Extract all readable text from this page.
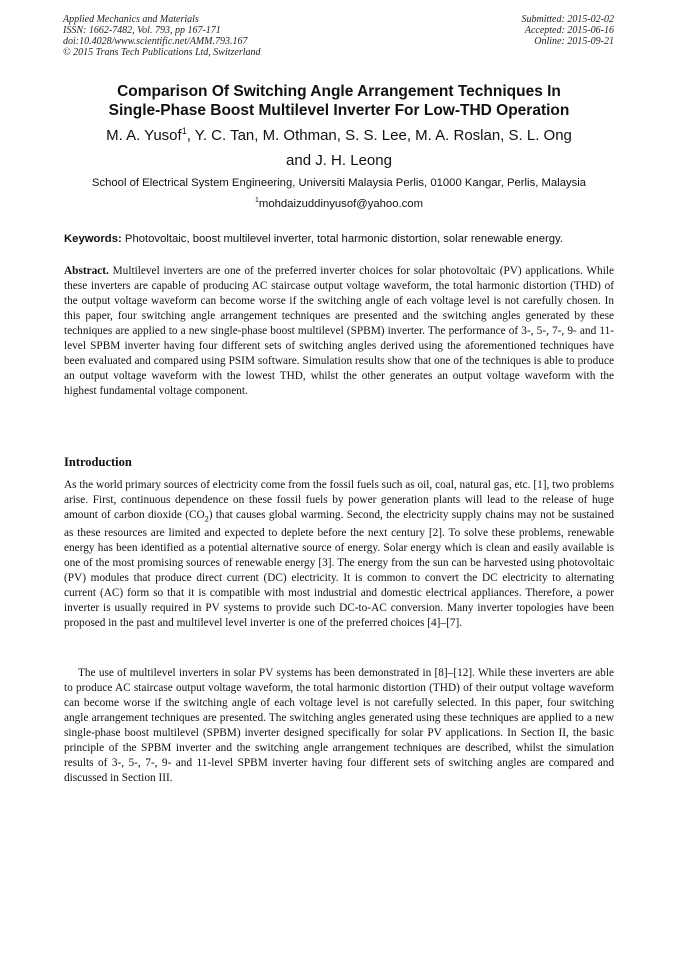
Applied Mechanics and Materials
ISSN: 1662-7482, Vol. 793, pp 167-171
doi:10.4028/www.scientific.net/AMM.793.167
© 2015 Trans Tech Publications Ltd, Switzerland
Submitted: 2015-02-02
Accepted: 2015-06-16
Online: 2015-09-21
Comparison Of Switching Angle Arrangement Techniques In
Single-Phase Boost Multilevel Inverter For Low-THD Operation
M. A. Yusof$^1$, Y. C. Tan, M. Othman, S. S. Lee, M. A. Roslan, S. L. Ong
and J. H. Leong
School of Electrical System Engineering, Universiti Malaysia Perlis, 01000 Kangar, Perlis, Malaysia
$^1$mohdaizuddinyusof@yahoo.com
Keywords: Photovoltaic, boost multilevel inverter, total harmonic distortion, solar renewable energy.
Abstract. Multilevel inverters are one of the preferred inverter choices for solar photovoltaic (PV) applications. While these inverters are capable of producing AC staircase output voltage waveform, the total harmonic distortion (THD) of the output voltage waveform can become worse if the switching angle of each voltage level is not carefully chosen. In this paper, four switching angle arrangement techniques are presented and the switching angles generated by these techniques are applied to a new single-phase boost multilevel (SPBM) inverter. The performance of 3-, 5-, 7-, 9- and 11-level SPBM inverter having four different sets of switching angles derived using the aforementioned techniques have been evaluated and compared using PSIM software. Simulation results show that one of the techniques is able to produce an output voltage waveform with the lowest THD, whilst the other generates an output voltage waveform with the highest fundamental voltage component.
Introduction
As the world primary sources of electricity come from the fossil fuels such as oil, coal, natural gas, etc. [1], two problems arise. First, continuous dependence on these fossil fuels by power generation plants will lead to the release of huge amount of carbon dioxide $(CO_2)$ that causes global warming. Second, the electricity supply chains may not be sustained as these resources are limited and expected to deplete before the next century [2]. To solve these problems, renewable energy has been identified as a potential alternative source of energy. Solar energy which is clean and easily available is one of the most promising sources of renewable energy [3]. The energy from the sun can be harvested using photovoltaic (PV) modules that produce direct current (DC) electricity. It is common to convert the DC electricity to alternating current (AC) form so that it is compatible with most industrial and domestic electrical appliances. Therefore, a power inverter is usually required in PV systems to provide such DC-to-AC conversion. Many inverter topologies have been proposed in the past and multilevel level inverter is one of the preferred choices [4]–[7].
The use of multilevel inverters in solar PV systems has been demonstrated in [8]–[12]. While these inverters are able to produce AC staircase output voltage waveform, the total harmonic distortion (THD) of their output voltage waveform can become worse if the switching angle of each voltage level is not carefully selected. In this paper, four switching angle arrangement techniques are presented. The switching angles generated using these techniques are applied to a new single-phase boost multilevel (SPBM) inverter designed specifically for solar PV applications. In Section II, the basic principle of the SPBM inverter and the switching angle arrangement techniques are described, whilst the simulation results of 3-, 5-, 7-, 9- and 11-level SPBM inverter having four different sets of switching angles are compared and discussed in Section III.
